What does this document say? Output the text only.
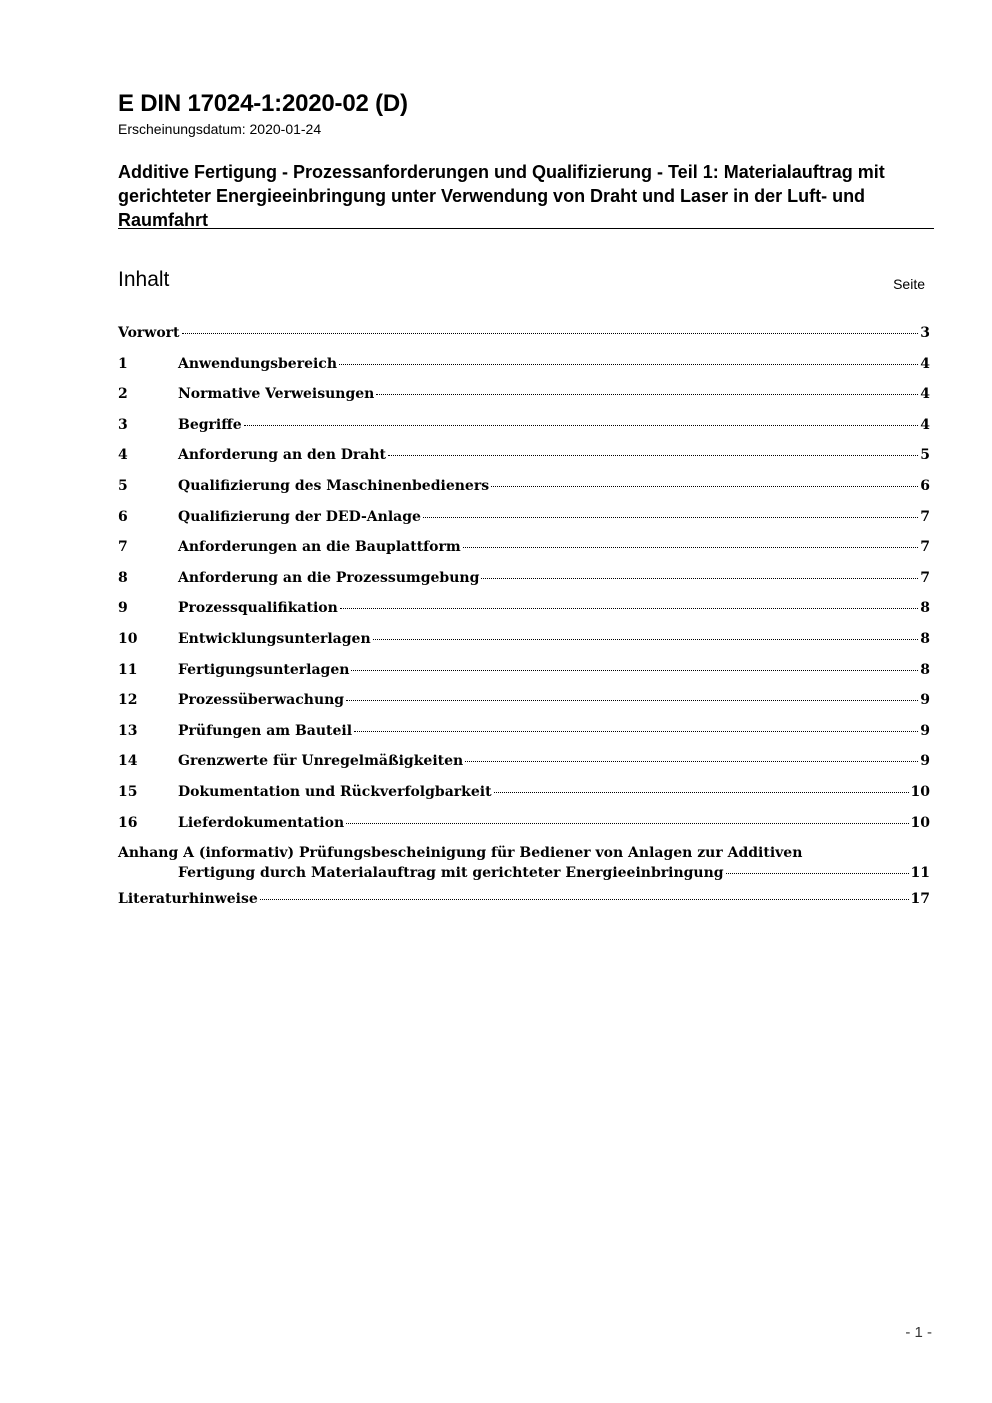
E DIN 17024-1:2020-02 (D)
Erscheinungsdatum: 2020-01-24
Additive Fertigung - Prozessanforderungen und Qualifizierung - Teil 1: Materialauftrag mit gerichteter Energieeinbringung unter Verwendung von Draht und Laser in der Luft- und Raumfahrt
Inhalt	Seite
Vorwort	3
1	Anwendungsbereich	4
2	Normative Verweisungen	4
3	Begriffe	4
4	Anforderung an den Draht	5
5	Qualifizierung des Maschinenbedieners	6
6	Qualifizierung der DED-Anlage	7
7	Anforderungen an die Bauplattform	7
8	Anforderung an die Prozessumgebung	7
9	Prozessqualifikation	8
10	Entwicklungsunterlagen	8
11	Fertigungsunterlagen	8
12	Prozessüberwachung	9
13	Prüfungen am Bauteil	9
14	Grenzwerte für Unregelmäßigkeiten	9
15	Dokumentation und Rückverfolgbarkeit	10
16	Lieferdokumentation	10
Anhang A (informativ) Prüfungsbescheinigung für Bediener von Anlagen zur Additiven
Fertigung durch Materialauftrag mit gerichteter Energieeinbringung	11
Literaturhinweise	17
- 1 -
